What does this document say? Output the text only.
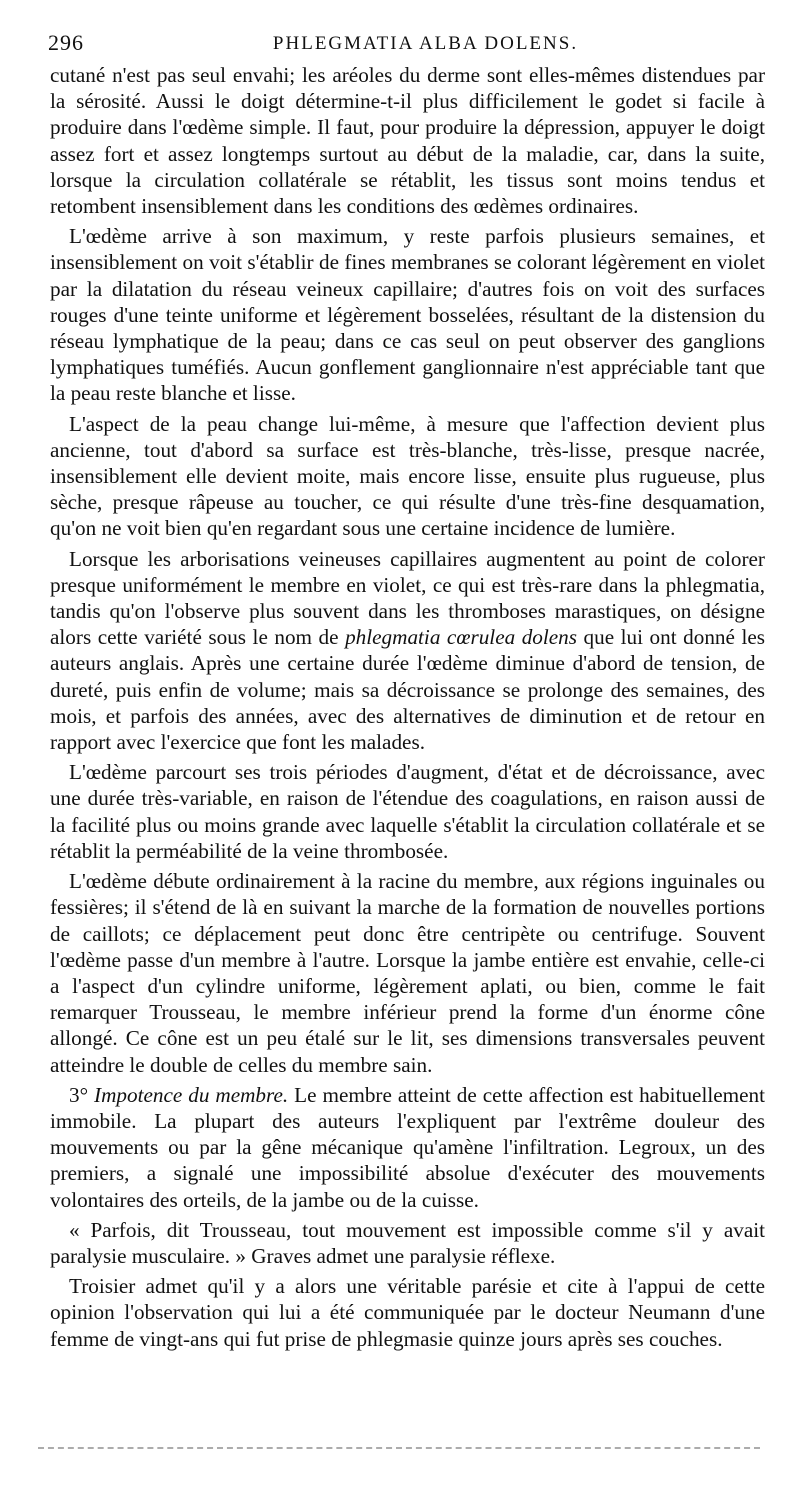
296	PHLEGMATIA ALBA DOLENS.

cutané n'est pas seul envahi; les aréoles du derme sont elles-mêmes distendues par la sérosité. Aussi le doigt détermine-t-il plus difficilement le godet si facile à produire dans l'œdème simple. Il faut, pour produire la dépression, appuyer le doigt assez fort et assez longtemps surtout au début de la maladie, car, dans la suite, lorsque la circulation collatérale se rétablit, les tissus sont moins tendus et retombent insensiblement dans les conditions des œdèmes ordinaires.

L'œdème arrive à son maximum, y reste parfois plusieurs semaines, et insensiblement on voit s'établir de fines membranes se colorant légèrement en violet par la dilatation du réseau veineux capillaire; d'autres fois on voit des surfaces rouges d'une teinte uniforme et légèrement bosselées, résultant de la distension du réseau lymphatique de la peau; dans ce cas seul on peut observer des ganglions lymphatiques tuméfiés. Aucun gonflement ganglionnaire n'est appréciable tant que la peau reste blanche et lisse.

L'aspect de la peau change lui-même, à mesure que l'affection devient plus ancienne, tout d'abord sa surface est très-blanche, très-lisse, presque nacrée, insensiblement elle devient moite, mais encore lisse, ensuite plus rugueuse, plus sèche, presque râpeuse au toucher, ce qui résulte d'une très-fine desquamation, qu'on ne voit bien qu'en regardant sous une certaine incidence de lumière.

Lorsque les arborisations veineuses capillaires augmentent au point de colorer presque uniformément le membre en violet, ce qui est très-rare dans la phlegmatia, tandis qu'on l'observe plus souvent dans les thromboses marastiques, on désigne alors cette variété sous le nom de phlegmatia cœrulea dolens que lui ont donné les auteurs anglais. Après une certaine durée l'œdème diminue d'abord de tension, de dureté, puis enfin de volume; mais sa décroissance se prolonge des semaines, des mois, et parfois des années, avec des alternatives de diminution et de retour en rapport avec l'exercice que font les malades.

L'œdème parcourt ses trois périodes d'augment, d'état et de décroissance, avec une durée très-variable, en raison de l'étendue des coagulations, en raison aussi de la facilité plus ou moins grande avec laquelle s'établit la circulation collatérale et se rétablit la perméabilité de la veine thrombosée.

L'œdème débute ordinairement à la racine du membre, aux régions inguinales ou fessières; il s'étend de là en suivant la marche de la formation de nouvelles portions de caillots; ce déplacement peut donc être centripète ou centrifuge. Souvent l'œdème passe d'un membre à l'autre. Lorsque la jambe entière est envahie, celle-ci a l'aspect d'un cylindre uniforme, légèrement aplati, ou bien, comme le fait remarquer Trousseau, le membre inférieur prend la forme d'un énorme cône allongé. Ce cône est un peu étalé sur le lit, ses dimensions transversales peuvent atteindre le double de celles du membre sain.

3° Impotence du membre. Le membre atteint de cette affection est habituellement immobile. La plupart des auteurs l'expliquent par l'extrême douleur des mouvements ou par la gêne mécanique qu'amène l'infiltration. Legroux, un des premiers, a signalé une impossibilité absolue d'exécuter des mouvements volontaires des orteils, de la jambe ou de la cuisse.

« Parfois, dit Trousseau, tout mouvement est impossible comme s'il y avait paralysie musculaire. » Graves admet une paralysie réflexe.

Troisier admet qu'il y a alors une véritable parésie et cite à l'appui de cette opinion l'observation qui lui a été communiquée par le docteur Neumann d'une femme de vingt-ans qui fut prise de phlegmasie quinze jours après ses couches.
